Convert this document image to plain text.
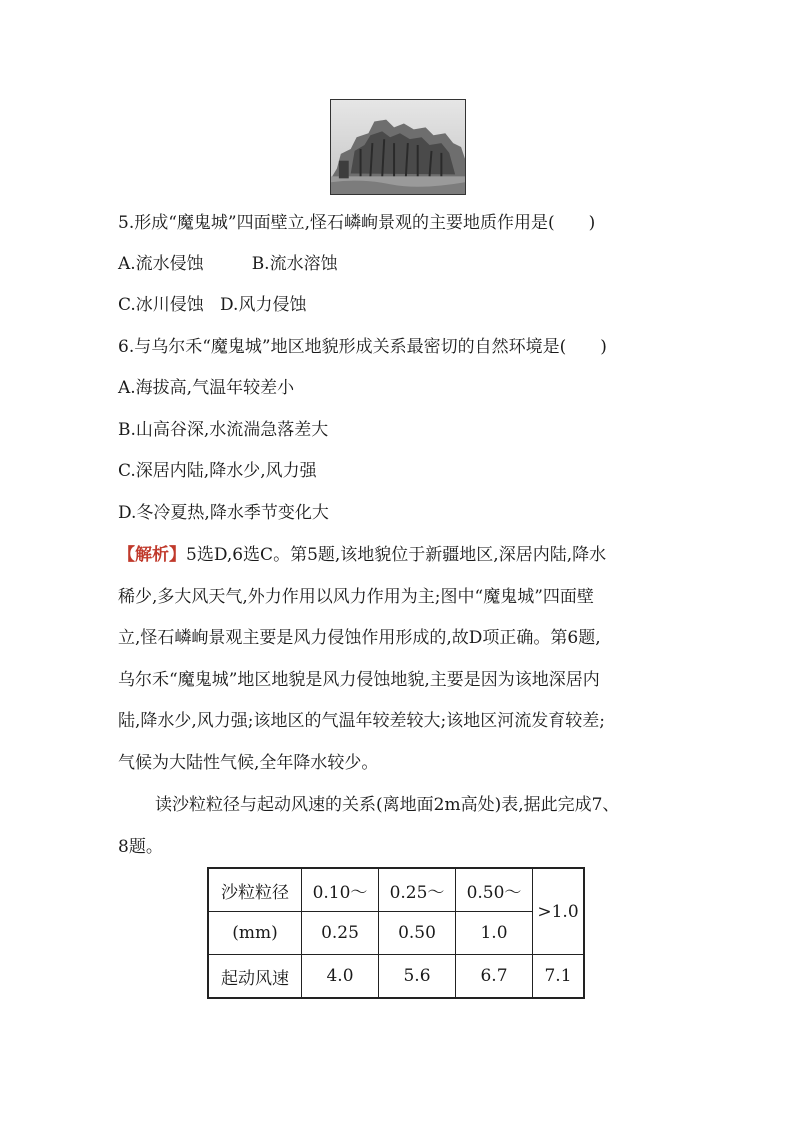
5.形成“魔鬼城”四面壁立,怪石嶙峋景观的主要地质作用是(　　)
A.流水侵蚀	B.流水溶蚀
C.冰川侵蚀 D.风力侵蚀
6.与乌尔禾“魔鬼城”地区地貌形成关系最密切的自然环境是(　　)
A.海拔高,气温年较差小
B.山高谷深,水流湍急落差大
C.深居内陆,降水少,风力强
D.冬冷夏热,降水季节变化大
【解析】5选D,6选C。第5题,该地貌位于新疆地区,深居内陆,降水
稀少,多大风天气,外力作用以风力作用为主;图中“魔鬼城”四面壁
立,怪石嶙峋景观主要是风力侵蚀作用形成的,故D项正确。第6题,
乌尔禾“魔鬼城”地区地貌是风力侵蚀地貌,主要是因为该地深居内
陆,降水少,风力强;该地区的气温年较差较大;该地区河流发育较差;
气候为大陆性气候,全年降水较少。
读沙粒粒径与起动风速的关系(离地面2m高处)表,据此完成7、
8题。
沙粒粒径	0.10～	0.25～	0.50～	>1.0
(mm)	0.25	0.50	1.0	
起动风速	4.0	5.6	6.7	7.1
